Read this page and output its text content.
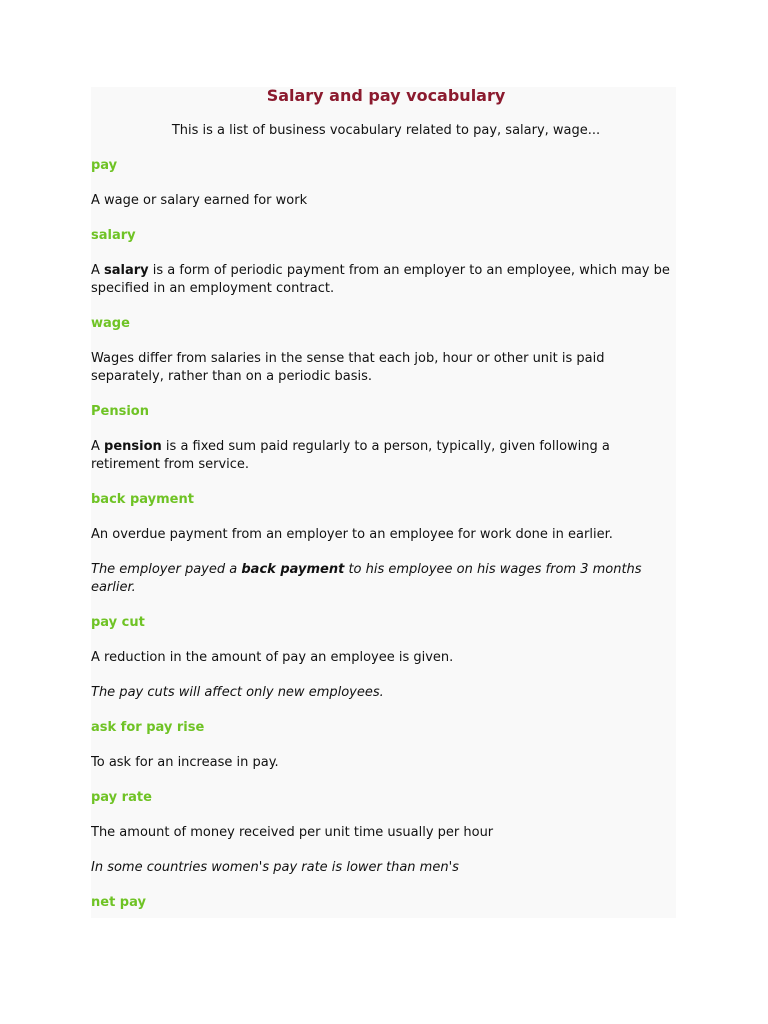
Salary and pay vocabulary

This is a list of business vocabulary related to pay, salary, wage...

pay

A wage or salary earned for work

salary

A salary is a form of periodic payment from an employer to an employee, which may be specified in an employment contract.

wage

Wages differ from salaries in the sense that each job, hour or other unit is paid separately, rather than on a periodic basis.

Pension

A pension is a fixed sum paid regularly to a person, typically, given following a retirement from service.

back payment

An overdue payment from an employer to an employee for work done in earlier.

The employer payed a back payment to his employee on his wages from 3 months earlier.

pay cut

A reduction in the amount of pay an employee is given.

The pay cuts will affect only new employees.

ask for pay rise

To ask for an increase in pay.

pay rate

The amount of money received per unit time usually per hour

In some countries women's pay rate is lower than men's

net pay
